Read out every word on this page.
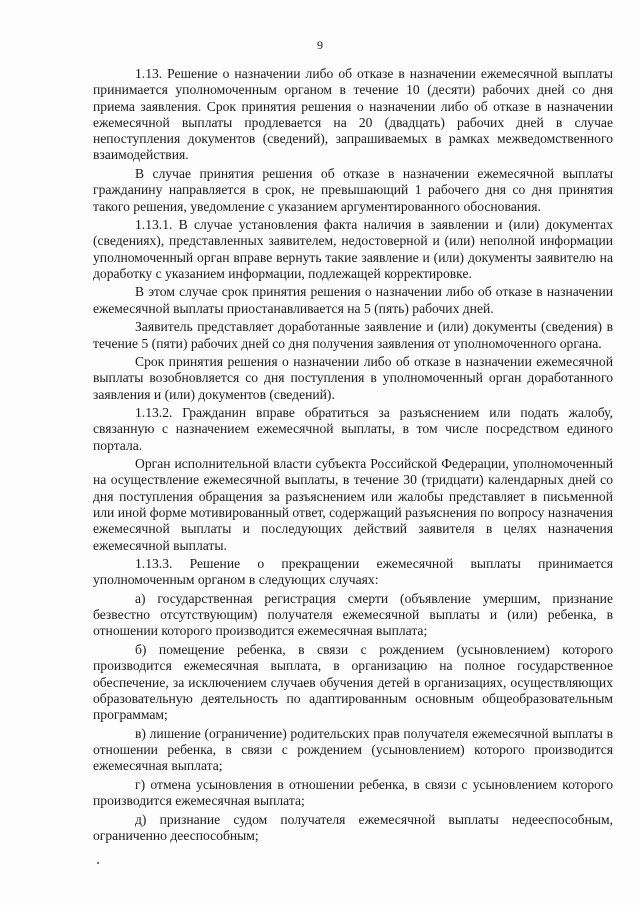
9

1.13. Решение о назначении либо об отказе в назначении ежемесячной выплаты принимается уполномоченным органом в течение 10 (десяти) рабочих дней со дня приема заявления. Срок принятия решения о назначении либо об отказе в назначении ежемесячной выплаты продлевается на 20 (двадцать) рабочих дней в случае непоступления документов (сведений), запрашиваемых в рамках межведомственного взаимодействия.

В случае принятия решения об отказе в назначении ежемесячной выплаты гражданину направляется в срок, не превышающий 1 рабочего дня со дня принятия такого решения, уведомление с указанием аргументированного обоснования.

1.13.1. В случае установления факта наличия в заявлении и (или) документах (сведениях), представленных заявителем, недостоверной и (или) неполной информации уполномоченный орган вправе вернуть такие заявление и (или) документы заявителю на доработку с указанием информации, подлежащей корректировке.

В этом случае срок принятия решения о назначении либо об отказе в назначении ежемесячной выплаты приостанавливается на 5 (пять) рабочих дней.

Заявитель представляет доработанные заявление и (или) документы (сведения) в течение 5 (пяти) рабочих дней со дня получения заявления от уполномоченного органа.

Срок принятия решения о назначении либо об отказе в назначении ежемесячной выплаты возобновляется со дня поступления в уполномоченный орган доработанного заявления и (или) документов (сведений).

1.13.2. Гражданин вправе обратиться за разъяснением или подать жалобу, связанную с назначением ежемесячной выплаты, в том числе посредством единого портала.

Орган исполнительной власти субъекта Российской Федерации, уполномоченный на осуществление ежемесячной выплаты, в течение 30 (тридцати) календарных дней со дня поступления обращения за разъяснением или жалобы представляет в письменной или иной форме мотивированный ответ, содержащий разъяснения по вопросу назначения ежемесячной выплаты и последующих действий заявителя в целях назначения ежемесячной выплаты.

1.13.3. Решение о прекращении ежемесячной выплаты принимается уполномоченным органом в следующих случаях:

а) государственная регистрация смерти (объявление умершим, признание безвестно отсутствующим) получателя ежемесячной выплаты и (или) ребенка, в отношении которого производится ежемесячная выплата;

б) помещение ребенка, в связи с рождением (усыновлением) которого производится ежемесячная выплата, в организацию на полное государственное обеспечение, за исключением случаев обучения детей в организациях, осуществляющих образовательную деятельность по адаптированным основным общеобразовательным программам;

в) лишение (ограничение) родительских прав получателя ежемесячной выплаты в отношении ребенка, в связи с рождением (усыновлением) которого производится ежемесячная выплата;

г) отмена усыновления в отношении ребенка, в связи с усыновлением которого производится ежемесячная выплата;

д) признание судом получателя ежемесячной выплаты недееспособным, ограниченно дееспособным;
